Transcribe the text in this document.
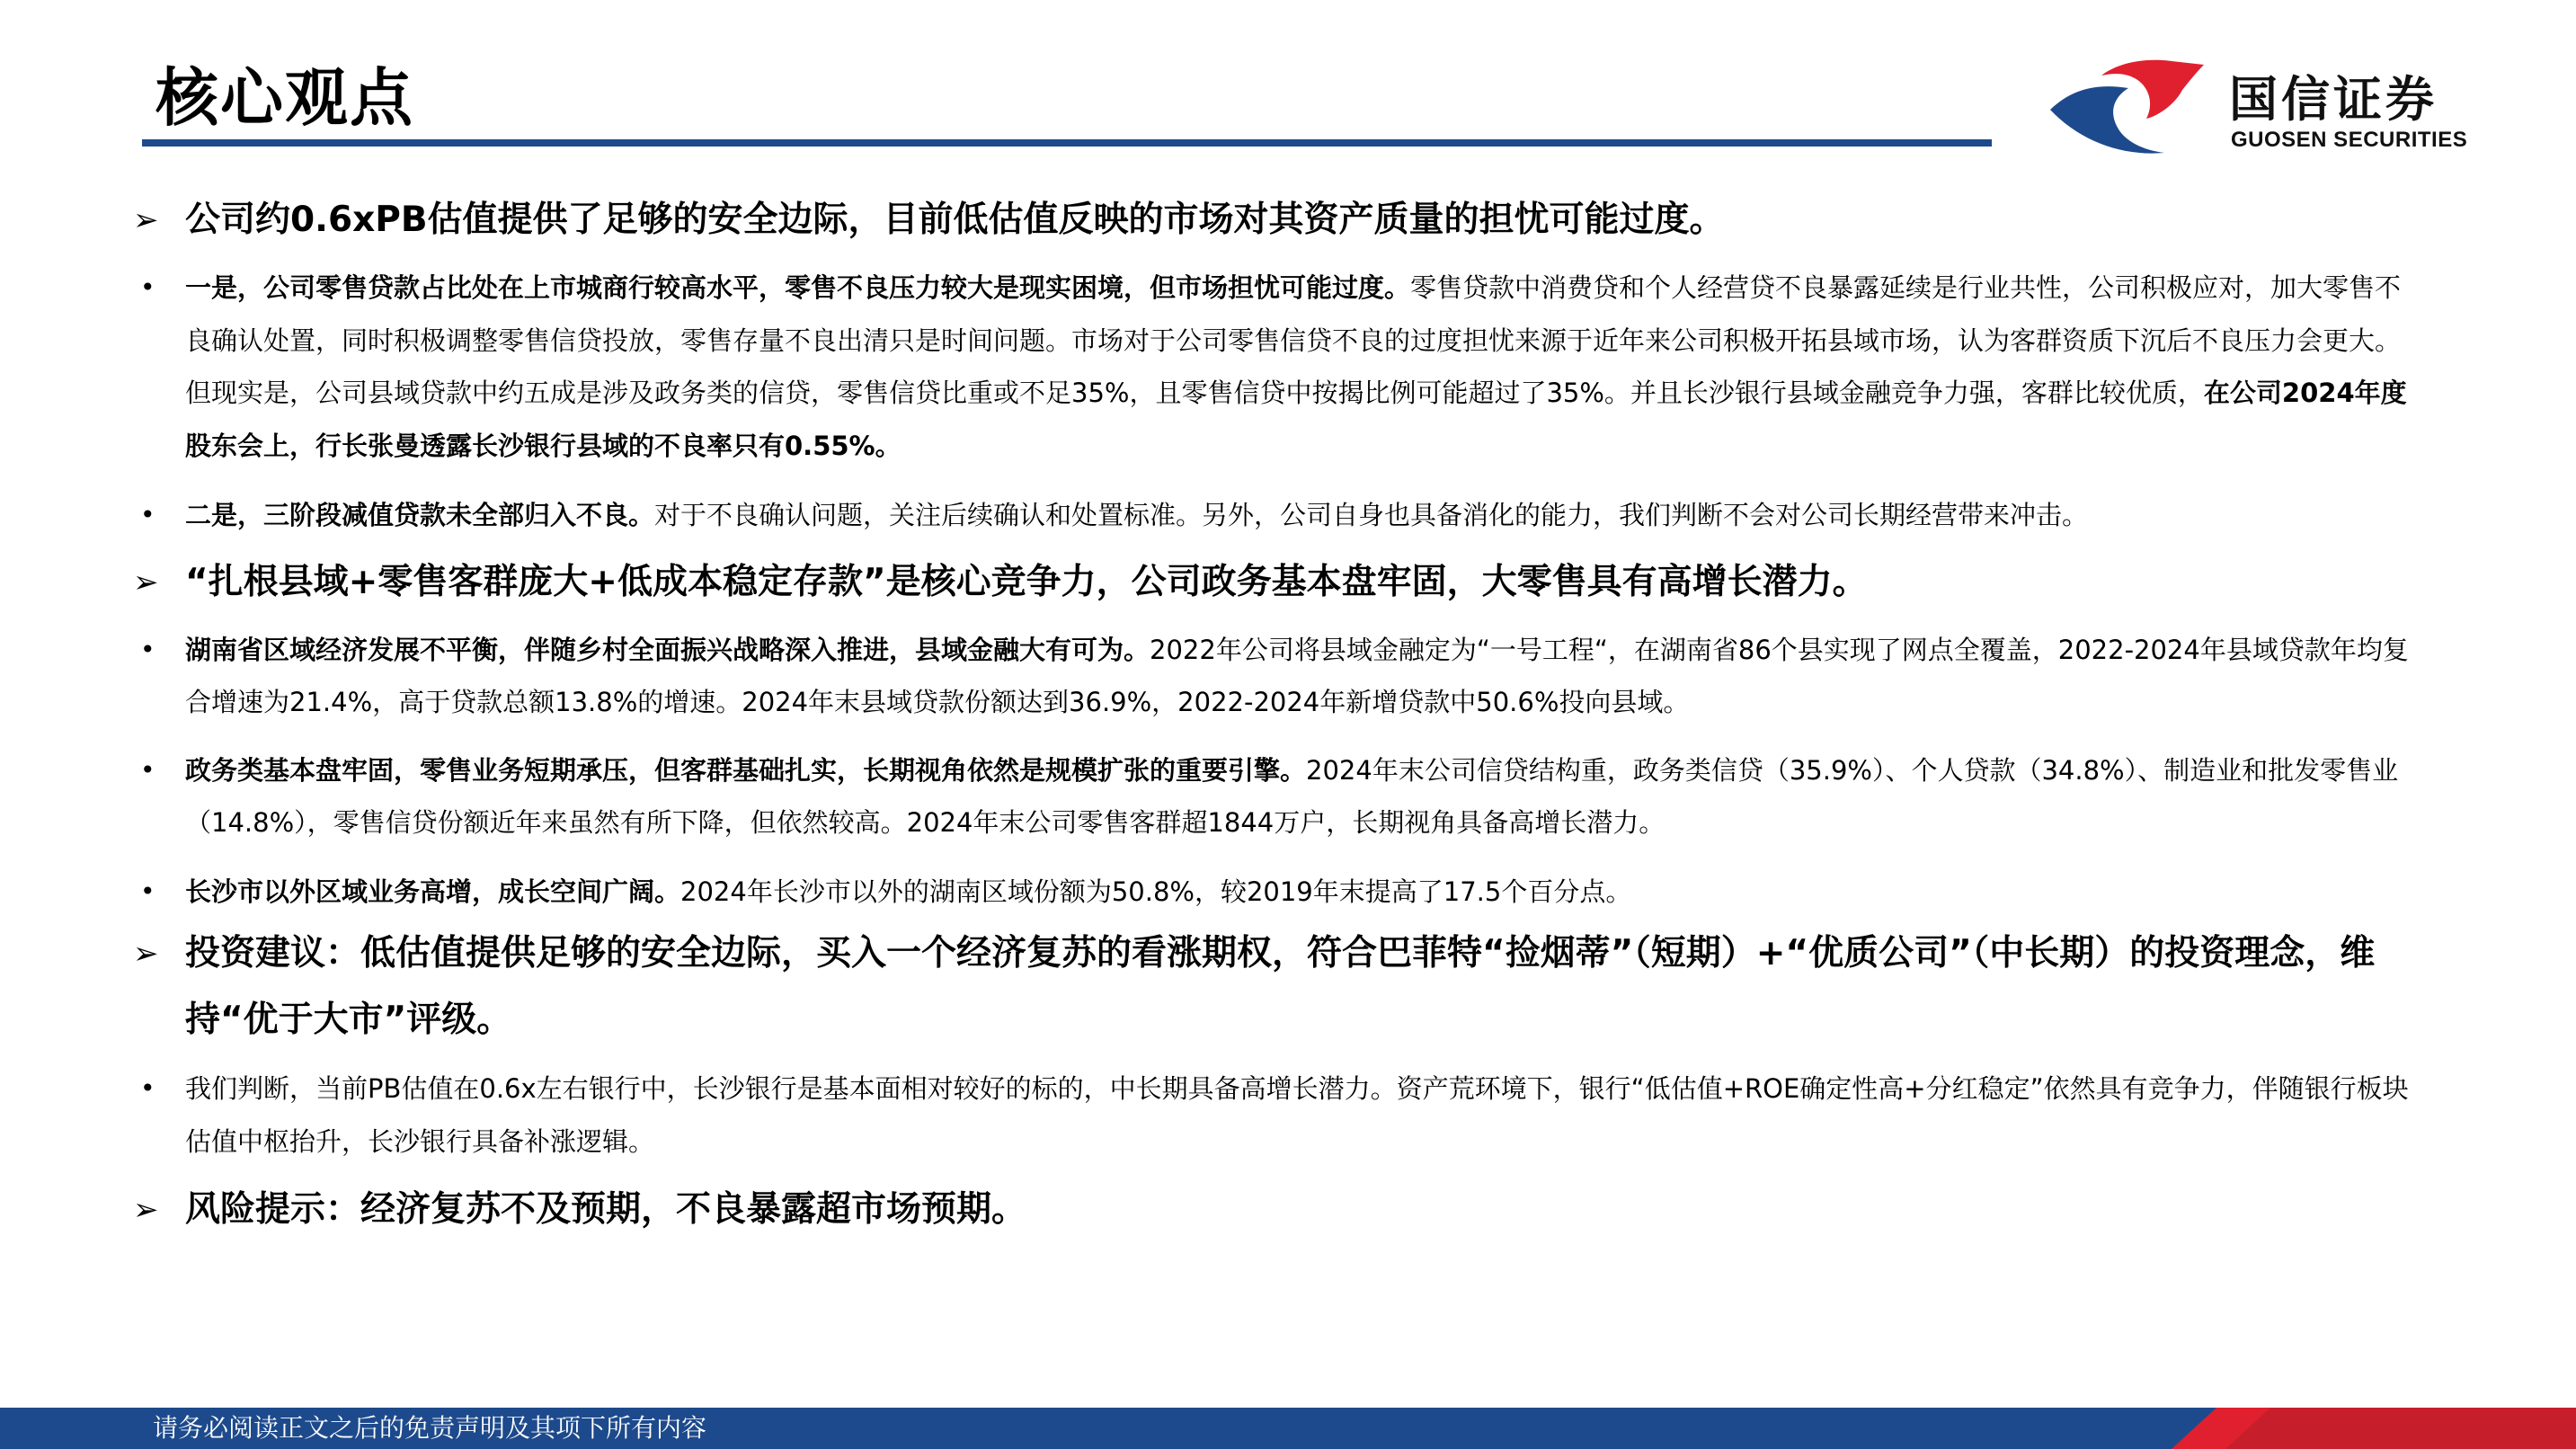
核心观点	国信证券
GUOSEN SECURITIES
➢ 公司约0.6xPB估值提供了足够的安全边际，目前低估值反映的市场对其资产质量的担忧可能过度。
• 一是，公司零售贷款占比处在上市城商行较高水平，零售不良压力较大是现实困境，但市场担忧可能过度。零售贷款中消费贷和个人经营贷不良暴露延续是行业共性，公司积极应对，加大零售不良确认处置，同时积极调整零售信贷投放，零售存量不良出清只是时间问题。市场对于公司零售信贷不良的过度担忧来源于近年来公司积极开拓县域市场，认为客群资质下沉后不良压力会更大。但现实是，公司县域贷款中约五成是涉及政务类的信贷，零售信贷比重或不足35%，且零售信贷中按揭比例可能超过了35%。并且长沙银行县域金融竞争力强，客群比较优质，在公司2024年度股东会上，行长张曼透露长沙银行县域的不良率只有0.55%。
• 二是，三阶段减值贷款未全部归入不良。对于不良确认问题，关注后续确认和处置标准。另外，公司自身也具备消化的能力，我们判断不会对公司长期经营带来冲击。
➢ “扎根县域+零售客群庞大+低成本稳定存款”是核心竞争力，公司政务基本盘牢固，大零售具有高增长潜力。
• 湖南省区域经济发展不平衡，伴随乡村全面振兴战略深入推进，县域金融大有可为。2022年公司将县域金融定为“一号工程“，在湖南省86个县实现了网点全覆盖，2022-2024年县域贷款年均复合增速为21.4%，高于贷款总额13.8%的增速。2024年末县域贷款份额达到36.9%，2022-2024年新增贷款中50.6%投向县域。
• 政务类基本盘牢固，零售业务短期承压，但客群基础扎实，长期视角依然是规模扩张的重要引擎。2024年末公司信贷结构重，政务类信贷（35.9%）、个人贷款（34.8%）、制造业和批发零售业（14.8%），零售信贷份额近年来虽然有所下降，但依然较高。2024年末公司零售客群超1844万户，长期视角具备高增长潜力。
• 长沙市以外区域业务高增，成长空间广阔。2024年长沙市以外的湖南区域份额为50.8%，较2019年末提高了17.5个百分点。
➢ 投资建议：低估值提供足够的安全边际，买入一个经济复苏的看涨期权，符合巴菲特“捡烟蒂”（短期）+“优质公司”（中长期）的投资理念，维持“优于大市”评级。
• 我们判断，当前PB估值在0.6x左右银行中，长沙银行是基本面相对较好的标的，中长期具备高增长潜力。资产荒环境下，银行“低估值+ROE确定性高+分红稳定”依然具有竞争力，伴随银行板块估值中枢抬升，长沙银行具备补涨逻辑。
➢ 风险提示：经济复苏不及预期，不良暴露超市场预期。
请务必阅读正文之后的免责声明及其项下所有内容
